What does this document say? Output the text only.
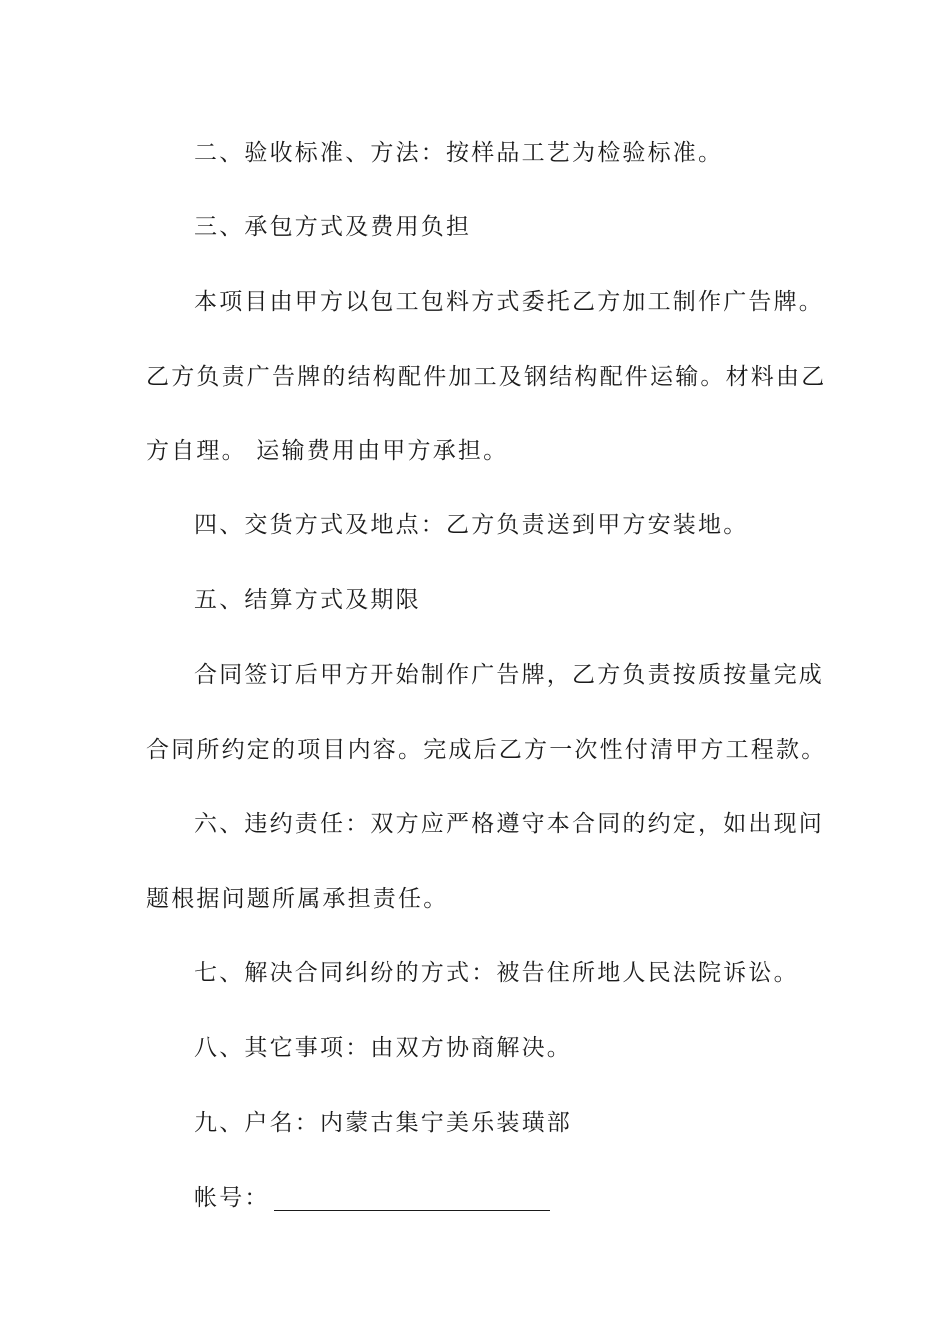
二、验收标准、方法：按样品工艺为检验标准。
三、承包方式及费用负担
本项目由甲方以包工包料方式委托乙方加工制作广告牌。
乙方负责广告牌的结构配件加工及钢结构配件运输。材料由乙
方自理。 运输费用由甲方承担。
四、交货方式及地点：乙方负责送到甲方安装地。
五、结算方式及期限
合同签订后甲方开始制作广告牌，乙方负责按质按量完成
合同所约定的项目内容。完成后乙方一次性付清甲方工程款。
六、违约责任：双方应严格遵守本合同的约定，如出现问
题根据问题所属承担责任。
七、解决合同纠纷的方式：被告住所地人民法院诉讼。
八、其它事项：由双方协商解决。
九、户名：内蒙古集宁美乐装璜部
帐号：
